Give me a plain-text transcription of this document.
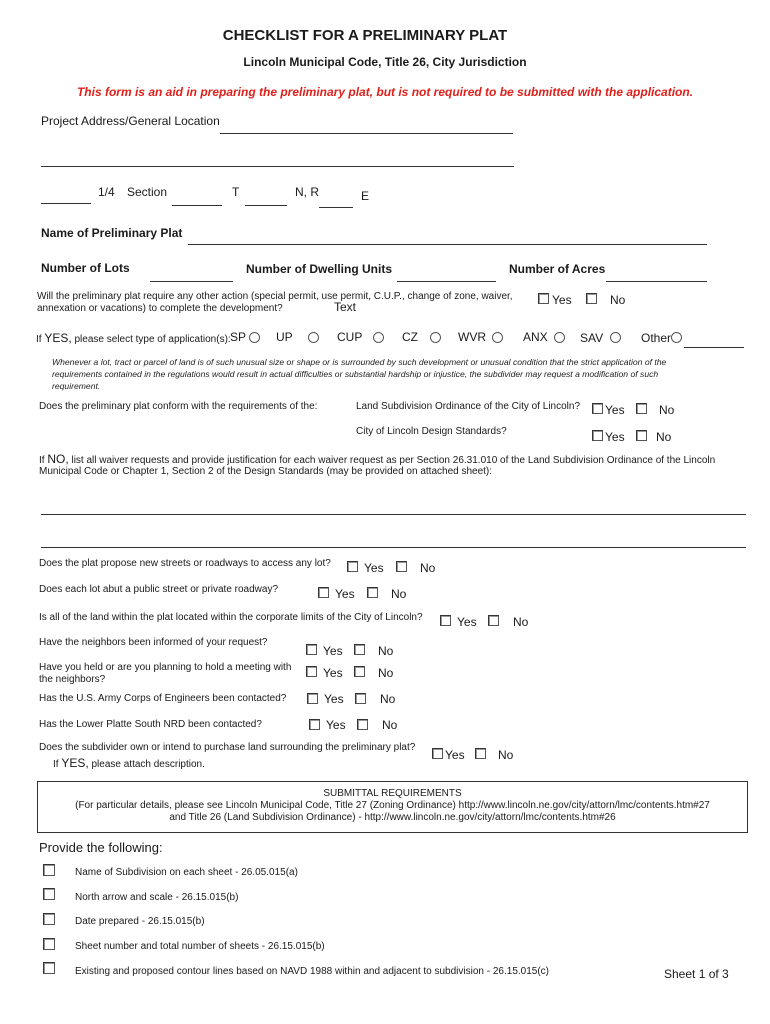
CHECKLIST FOR A PRELIMINARY PLAT
Lincoln Municipal Code, Title 26, City Jurisdiction
This form is an aid in preparing the preliminary plat, but is not required to be submitted with the application.
Project Address/General Location
1/4 Section	T	N, R	E
Name of Preliminary Plat
Number of Lots	Number of Dwelling Units	Number of Acres
Will the preliminary plat require any other action (special permit, use permit, C.U.P., change of zone, waiver,
annexation or vacations) to complete the development?	Text	Yes	No
If YES, please select type of application(s): SP UP	CUP	CZ	WVR	ANX	SAV	Other
Whenever a lot, tract or parcel of land is of such unusual size or shape or is surrounded by such development or unusual condition that the strict application of the
requirements contained in the regulations would result in actual difficulties or substantial hardship or injustice, the subdivider may request a modification of such
requirement.
Does the preliminary plat conform with the requirements of the:	Land Subdivision Ordinance of the City of Lincoln? Yes	No
City of Lincoln Design Standards?	Yes	No
If NO, list all waiver requests and provide justification for each waiver request as per Section 26.31.010 of the Land Subdivision Ordinance of the Lincoln
Municipal Code or Chapter 1, Section 2 of the Design Standards (may be provided on attached sheet):
Does the plat propose new streets or roadways to access any lot?	Yes	No
Does each lot abut a public street or private roadway?	Yes	No
Is all of the land within the plat located within the corporate limits of the City of Lincoln?	Yes	No
Have the neighbors been informed of your request?
Yes	No
Have you held or are you planning to hold a meeting with
the neighbors?	Yes	No
Has the U.S. Army Corps of Engineers been contacted?	Yes	No
Has the Lower Platte South NRD been contacted?	Yes	No
Does the subdivider own or intend to purchase land surrounding the preliminary plat?
Yes	No
If YES, please attach description.
SUBMITTAL REQUIREMENTS
(For particular details, please see Lincoln Municipal Code, Title 27 (Zoning Ordinance) http://www.lincoln.ne.gov/city/attorn/lmc/contents.htm#27
and Title 26 (Land Subdivision Ordinance) - http://www.lincoln.ne.gov/city/attorn/lmc/contents.htm#26
Provide the following:
Name of Subdivision on each sheet - 26.05.015(a)
North arrow and scale - 26.15.015(b)
Date prepared - 26.15.015(b)
Sheet number and total number of sheets - 26.15.015(b)
Existing and proposed contour lines based on NAVD 1988 within and adjacent to subdivision - 26.15.015(c)	Sheet 1 of 3
